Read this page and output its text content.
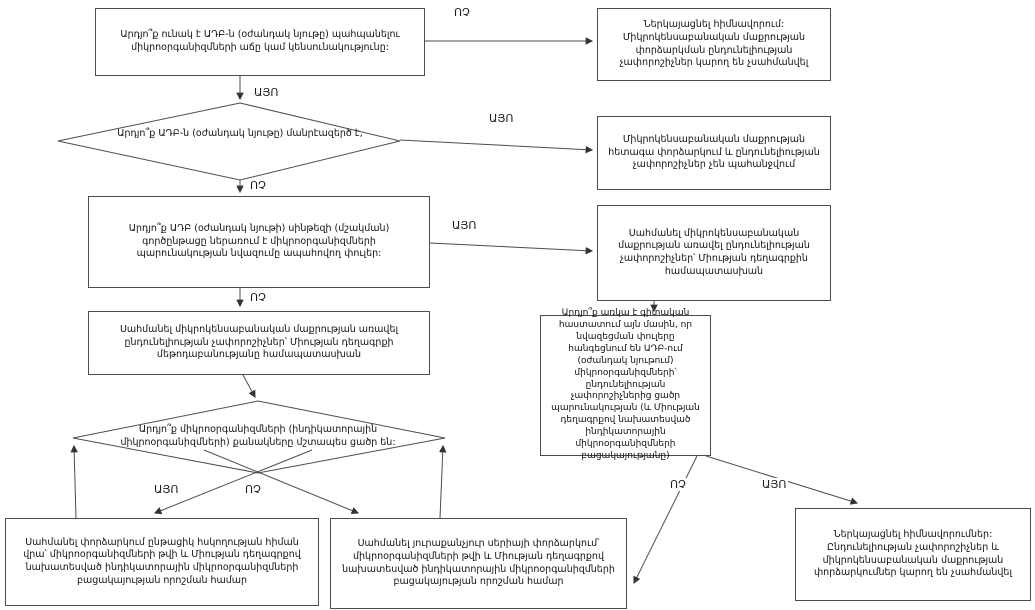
Արդյո՞ք ունակ է ԱԴԲ-ն (օժանդակ նյութը) պահպանելու միկրոօրգանիզմների աճը կամ կենսունակությունը:
Ներկայացնել հիմնավորում: Միկրոկենսաբանական մաքրության փորձարկման ընդունելիության չափորոշիչներ կարող են չսահմանվել
Միկրոկենսաբանական մաքրության հետագա փորձարկում և ընդունելիության չափորոշիչներ չեն պահանջվում
Արդյո՞ք ԱԴԲ (օժանդակ նյութի) սինթեզի (մշակման) գործընթացը ներառում է միկրոօրգանիզմների պարունակության նվազումը ապահովող փուլեր:
Սահմանել միկրոկենսաբանական մաքրության առավել ընդունելիության չափորոշիչներ՝ Միության դեղագրքին համապատասխան
Սահմանել միկրոկենսաբանական մաքրության առավել ընդունելիության չափորոշիչներ՝ Միության դեղագրքի մեթոդաբանությանը համապատասխան
Արդյո՞ք առկա է գիտական հաստատում այն մասին, որ նվազեցման փուլերը հանգեցնում են ԱԴԲ-ում (օժանդակ նյութում) միկրոօրգանիզմների՝ ընդունելիության չափորոշիչներից ցածր պարունակության (և Միության դեղագրքով նախատեսված ինդիկատորային միկրոօրգանիզմների բացակայությանը)
Սահմանել փորձարկում ընթացիկ հսկողության հիման վրա՝ միկրոօրգանիզմների թվի և Միության դեղագրքով նախատեսված ինդիկատորային միկրոօրգանիզմների բացակայության որոշման համար
Սահմանել յուրաքանչյուր սերիայի փորձարկում՝ միկրոօրգանիզմների թվի և Միության դեղագրքով նախատեսված ինդիկատորային միկրոօրգանիզմների բացակայության որոշման համար
Ներկայացնել հիմնավորումներ: Ընդունելիության չափորոշիչներ և միկրոկենսաբանական մաքրության փորձարկումներ կարող են չսահմանվել
Արդյո՞ք ԱԴԲ-ն (օժանդակ նյութը) մանրէազերծ է,
Արդյո՞ք միկրոօրգանիզմների (ինդիկատորային միկրոօրգանիզմների) քանակները մշտապես ցածր են:
ՈՉ
ԱՅՈ
ԱՅՈ
ՈՉ
ԱՅՈ
ՈՉ
ԱՅՈ	ՈՉ	ՈՉ	ԱՅՈ
